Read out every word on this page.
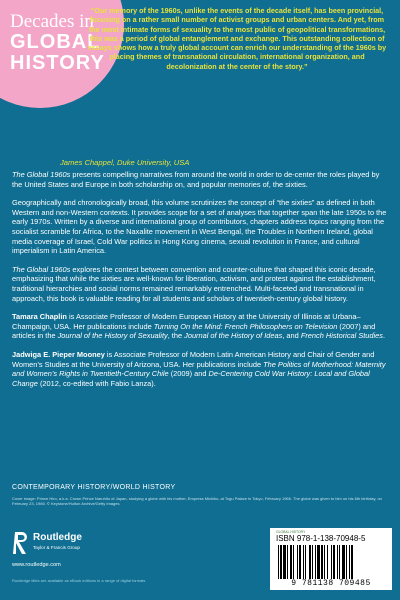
Decades in
GLOBAL
HISTORY
“Our memory of the 1960s, unlike the events of the decade itself, has been provincial, focusing on a rather small number of activist groups and urban centers. And yet, from the most intimate forms of sexuality to the most public of geopolitical transformations, this was a period of global entanglement and exchange. This outstanding collection of essays shows how a truly global account can enrich our understanding of the 1960s by placing themes of transnational circulation, international organization, and decolonization at the center of the story.”
James Chappel, Duke University, USA

The Global 1960s presents compelling narratives from around the world in order to de-center the roles played by the United States and Europe in both scholarship on, and popular memories of, the sixties.

Geographically and chronologically broad, this volume scrutinizes the concept of “the sixties” as defined in both Western and non-Western contexts. It provides scope for a set of analyses that together span the late 1950s to the early 1970s. Written by a diverse and international group of contributors, chapters address topics ranging from the socialist scramble for Africa, to the Naxalite movement in West Bengal, the Troubles in Northern Ireland, global media coverage of Israel, Cold War politics in Hong Kong cinema, sexual revolution in France, and cultural imperialism in Latin America.

The Global 1960s explores the contest between convention and counter-culture that shaped this iconic decade, emphasizing that while the sixties are well-known for liberation, activism, and protest against the establishment, traditional hierarchies and social norms remained remarkably entrenched. Multi-faceted and transnational in approach, this book is valuable reading for all students and scholars of twentieth-century global history.

Tamara Chaplin is Associate Professor of Modern European History at the University of Illinois at Urbana–Champaign, USA. Her publications include Turning On the Mind: French Philosophers on Television (2007) and articles in the Journal of the History of Sexuality, the Journal of the History of Ideas, and French Historical Studies.

Jadwiga E. Pieper Mooney is Associate Professor of Modern Latin American History and Chair of Gender and Women’s Studies at the University of Arizona, USA. Her publications include The Politics of Motherhood: Maternity and Women’s Rights in Twentieth-Century Chile (2009) and De-Centering Cold War History: Local and Global Change (2012, co-edited with Fabio Lanza).

CONTEMPORARY HISTORY/WORLD HISTORY
Cover image: Prince Hiro, a.k.a. Crown Prince Naruhito of Japan, studying a globe with his mother, Empress Michiko, at Togu Palace in Tokyo, February 1966. The globe was given to him on his 6th birthday, on February 23, 1966. © Keystone/Hulton Archive/Getty Images
Routledge
Taylor & Francis Group
www.routledge.com
Routledge titles are available as eBook editions in a range of digital formats
GLOBAL HISTORY
ISBN 978-1-138-70948-5
9 781138 709485
